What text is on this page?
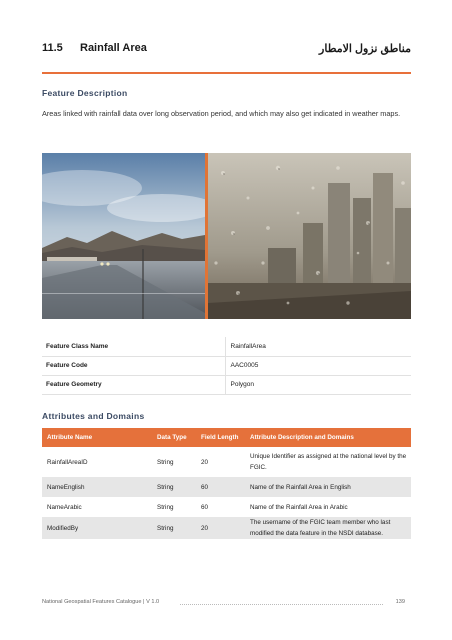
11.5 Rainfall Area	مناطق نزول الامطار
Feature Description
Areas linked with rainfall data over long observation period, and which may also get indicated in weather maps.
Feature Class Name	RainfallArea
Feature Code	AAC0005
Feature Geometry	Polygon
Attributes and Domains
Attribute Name	Data Type	Field Length	Attribute Description and Domains
RainfallAreaID	String	20	Unique Identifier as assigned at the national level by the FGIC.
NameEnglish	String	60	Name of the Rainfall Area in English
NameArabic	String	60	Name of the Rainfall Area in Arabic
ModifiedBy	String	20	The username of the FGIC team member who last modified the data feature in the NSDI database.
National Geospatial Features Catalogue | V 1.0	139
